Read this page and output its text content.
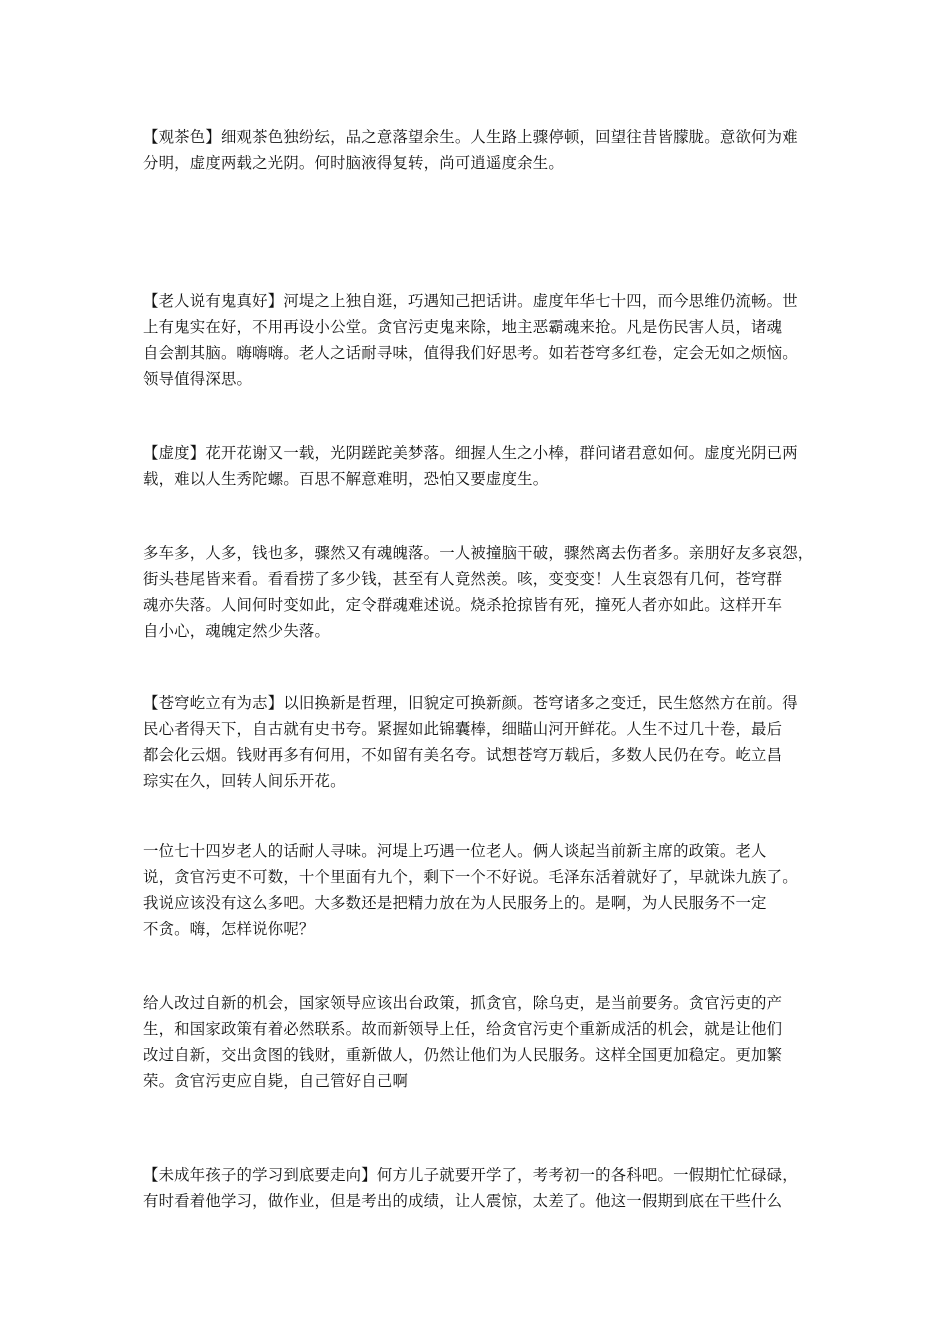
【观茶色】细观茶色独纷纭，品之意落望余生。人生路上骤停顿，回望往昔皆朦胧。意欲何为难
分明，虚度两载之光阴。何时脑液得复转，尚可逍遥度余生。

【老人说有鬼真好】河堤之上独自逛，巧遇知己把话讲。虚度年华七十四，而今思维仍流畅。世
上有鬼实在好，不用再设小公堂。贪官污吏鬼来除，地主恶霸魂来抢。凡是伤民害人员，诸魂
自会割其脑。嗨嗨嗨。老人之话耐寻味，值得我们好思考。如若苍穹多红卷，定会无如之烦恼。
领导值得深思。

【虚度】花开花谢又一载，光阴蹉跎美梦落。细握人生之小棒，群问诸君意如何。虚度光阴已两
载，难以人生秀陀螺。百思不解意难明，恐怕又要虚度生。

多车多，人多，钱也多，骤然又有魂魄落。一人被撞脑干破，骤然离去伤者多。亲朋好友多哀怨，
街头巷尾皆来看。看看捞了多少钱，甚至有人竟然羡。咳，变变变！人生哀怨有几何，苍穹群
魂亦失落。人间何时变如此，定令群魂难述说。烧杀抢掠皆有死，撞死人者亦如此。这样开车
自小心，魂魄定然少失落。

【苍穹屹立有为志】以旧换新是哲理，旧貌定可换新颜。苍穹诸多之变迁，民生悠然方在前。得
民心者得天下，自古就有史书夸。紧握如此锦囊棒，细瞄山河开鲜花。人生不过几十卷，最后
都会化云烟。钱财再多有何用，不如留有美名夸。试想苍穹万载后，多数人民仍在夸。屹立昌
琮实在久，回转人间乐开花。

一位七十四岁老人的话耐人寻味。河堤上巧遇一位老人。俩人谈起当前新主席的政策。老人
说，贪官污吏不可数，十个里面有九个，剩下一个不好说。毛泽东活着就好了，早就诛九族了。
我说应该没有这么多吧。大多数还是把精力放在为人民服务上的。是啊，为人民服务不一定
不贪。嗨，怎样说你呢？

给人改过自新的机会，国家领导应该出台政策，抓贪官，除乌吏，是当前要务。贪官污吏的产
生，和国家政策有着必然联系。故而新领导上任，给贪官污吏个重新成活的机会，就是让他们
改过自新，交出贪图的钱财，重新做人，仍然让他们为人民服务。这样全国更加稳定。更加繁
荣。贪官污吏应自毙，自己管好自己啊

【未成年孩子的学习到底要走向】何方儿子就要开学了，考考初一的各科吧。一假期忙忙碌碌，
有时看着他学习，做作业，但是考出的成绩，让人震惊，太差了。他这一假期到底在干些什么
